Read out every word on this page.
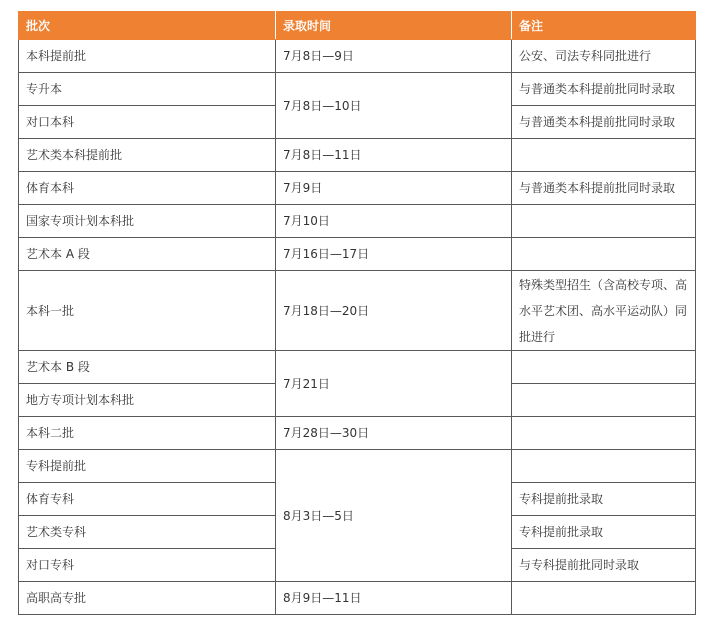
批次	录取时间	备注
本科提前批	7月8日—9日	公安、司法专科同批进行
专升本	7月8日—10日	与普通类本科提前批同时录取
对口本科		与普通类本科提前批同时录取
艺术类本科提前批	7月8日—11日	
体育本科	7月9日	与普通类本科提前批同时录取
国家专项计划本科批	7月10日	
艺术本 A 段	7月16日—17日	
本科一批	7月18日—20日	特殊类型招生（含高校专项、高水平艺术团、高水平运动队）同批进行
艺术本 B 段	7月21日	
地方专项计划本科批		
本科二批	7月28日—30日	
专科提前批	8月3日—5日	
体育专科		专科提前批录取
艺术类专科		专科提前批录取
对口专科		与专科提前批同时录取
高职高专批	8月9日—11日	
